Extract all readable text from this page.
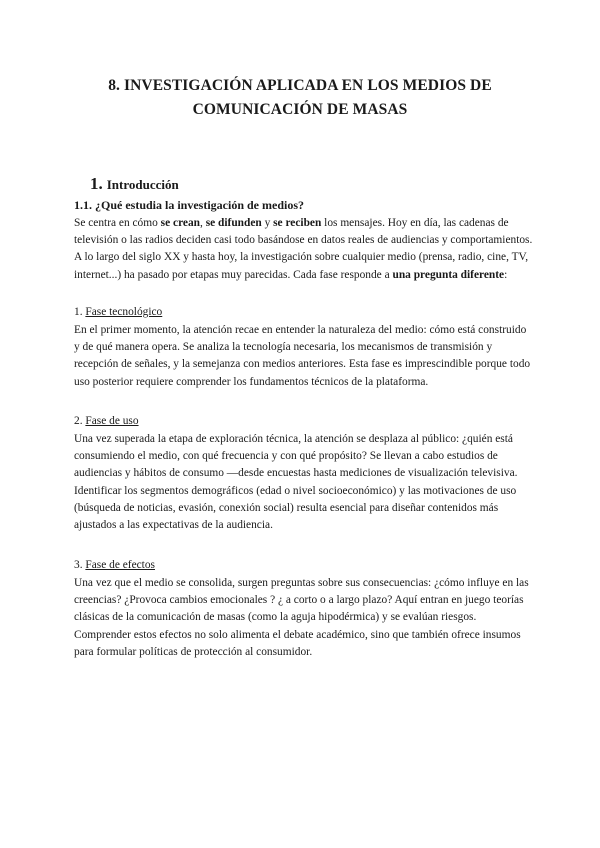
8. INVESTIGACIÓN APLICADA EN LOS MEDIOS DE
COMUNICACIÓN DE MASAS
1. Introducción
1.1. ¿Qué estudia la investigación de medios?
Se centra en cómo se crean, se difunden y se reciben los mensajes. Hoy en día, las cadenas de
televisión o las radios deciden casi todo basándose en datos reales de audiencias y comportamientos.
A lo largo del siglo XX y hasta hoy, la investigación sobre cualquier medio (prensa, radio, cine, TV,
internet...) ha pasado por etapas muy parecidas. Cada fase responde a una pregunta diferente:
1. Fase tecnológico
En el primer momento, la atención recae en entender la naturaleza del medio: cómo está construido
y de qué manera opera. Se analiza la tecnología necesaria, los mecanismos de transmisión y
recepción de señales, y la semejanza con medios anteriores. Esta fase es imprescindible porque todo
uso posterior requiere comprender los fundamentos técnicos de la plataforma.
2. Fase de uso
Una vez superada la etapa de exploración técnica, la atención se desplaza al público: ¿quién está
consumiendo el medio, con qué frecuencia y con qué propósito? Se llevan a cabo estudios de
audiencias y hábitos de consumo —desde encuestas hasta mediciones de visualización televisiva.
Identificar los segmentos demográficos (edad o nivel socioeconómico) y las motivaciones de uso
(búsqueda de noticias, evasión, conexión social) resulta esencial para diseñar contenidos más
ajustados a las expectativas de la audiencia.
3. Fase de efectos
Una vez que el medio se consolida, surgen preguntas sobre sus consecuencias: ¿cómo influye en las
creencias? ¿Provoca cambios emocionales ? ¿ a corto o a largo plazo? Aquí entran en juego teorías
clásicas de la comunicación de masas (como la aguja hipodérmica) y se evalúan riesgos.
Comprender estos efectos no solo alimenta el debate académico, sino que también ofrece insumos
para formular políticas de protección al consumidor.
